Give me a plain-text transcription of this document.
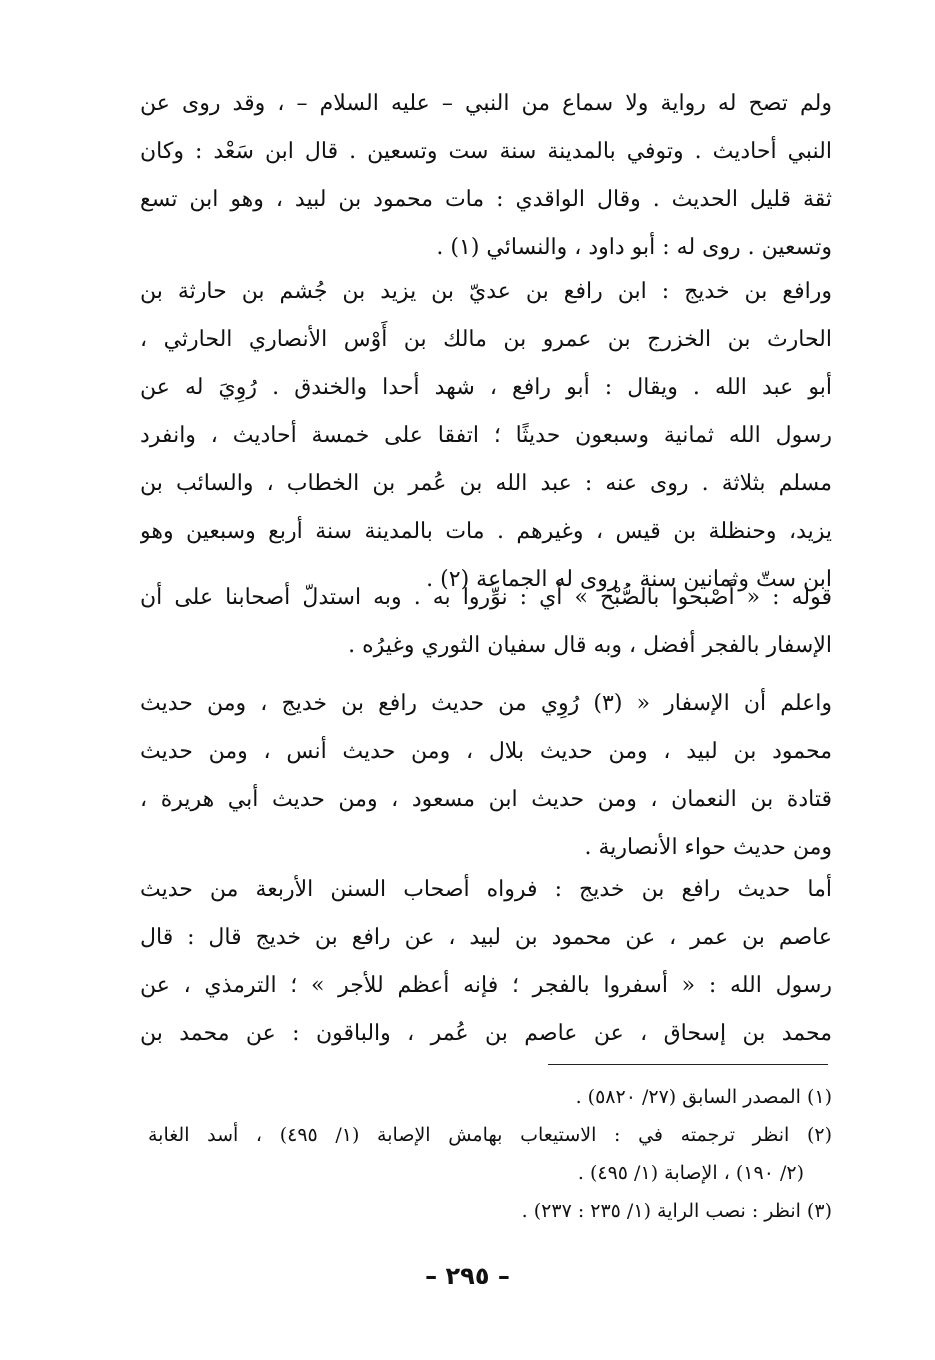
ولم تصح له رواية ولا سماع من النبي – عليه السلام – ، وقد روى عن
النبي أحاديث . وتوفي بالمدينة سنة ست وتسعين . قال ابن سَعْد : وكان
ثقة قليل الحديث . وقال الواقدي : مات محمود بن لبيد ، وهو ابن تسع
وتسعين . روى له : أبو داود ، والنسائي (١) .
ورافع بن خديج : ابن رافع بن عديّ بن يزيد بن جُشم بن حارثة بن
الحارث بن الخزرج بن عمرو بن مالك بن أَوْس الأنصاري الحارثي ،
أبو عبد الله . ويقال : أبو رافع ، شهد أحدا والخندق . رُوِيَ له عن
رسول الله ثمانية وسبعون حديثًا ؛ اتفقا على خمسة أحاديث ، وانفرد
مسلم بثلاثة . روى عنه : عبد الله بن عُمر بن الخطاب ، والسائب بن
يزيد، وحنظلة بن قيس ، وغيرهم . مات بالمدينة سنة أربع وسبعين وهو
ابن ستّ وثمانين سنة . روى له الجماعة (٢) .
قوله : « أَصْبحوا بالصُّبْح » أي : نوِّروا به . وبه استدلّ أصحابنا على أن
الإسفار بالفجر أفضل ، وبه قال سفيان الثوري وغيرُه .
واعلم أن الإسفار « (٣) رُوِي من حديث رافع بن خديج ، ومن حديث
محمود بن لبيد ، ومن حديث بلال ، ومن حديث أنس ، ومن حديث
قتادة بن النعمان ، ومن حديث ابن مسعود ، ومن حديث أبي هريرة ،
ومن حديث حواء الأنصارية .
أما حديث رافع بن خديج : فرواه أصحاب السنن الأربعة من حديث
عاصم بن عمر ، عن محمود بن لبيد ، عن رافع بن خديج قال : قال
رسول الله : « أسفروا بالفجر ؛ فإنه أعظم للأجر » ؛ الترمذي ، عن
محمد بن إسحاق ، عن عاصم بن عُمر ، والباقون : عن محمد بن
(١) المصدر السابق (٢٧/ ٥٨٢٠) .
(٢) انظر ترجمته في : الاستيعاب بهامش الإصابة (١/ ٤٩٥) ، أسد الغابة
(٢/ ١٩٠) ، الإصابة (١/ ٤٩٥) .
(٣) انظر : نصب الراية (١/ ٢٣٥ : ٢٣٧) .
– ٢٩٥ –
